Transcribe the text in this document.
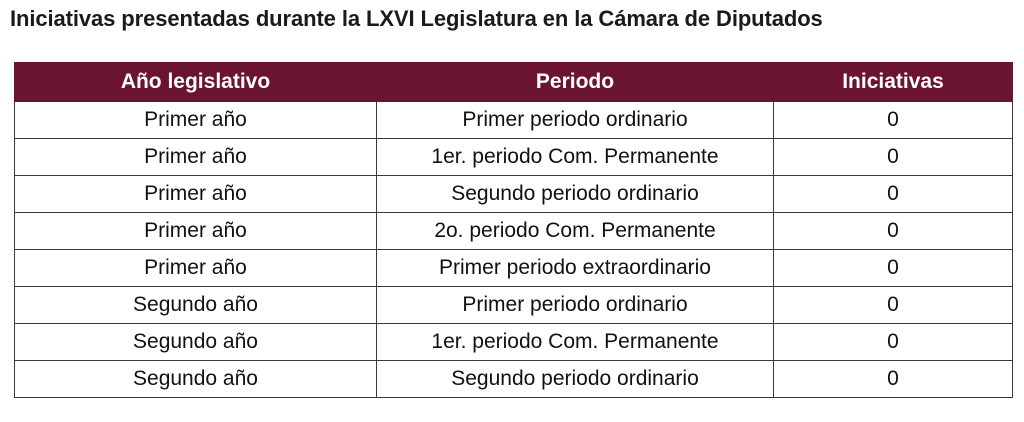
Iniciativas presentadas durante la LXVI Legislatura en la Cámara de Diputados
Año legislativo	Periodo	Iniciativas
Primer año	Primer periodo ordinario	0
Primer año	1er. periodo Com. Permanente	0
Primer año	Segundo periodo ordinario	0
Primer año	2o. periodo Com. Permanente	0
Primer año	Primer periodo extraordinario	0
Segundo año	Primer periodo ordinario	0
Segundo año	1er. periodo Com. Permanente	0
Segundo año	Segundo periodo ordinario	0
